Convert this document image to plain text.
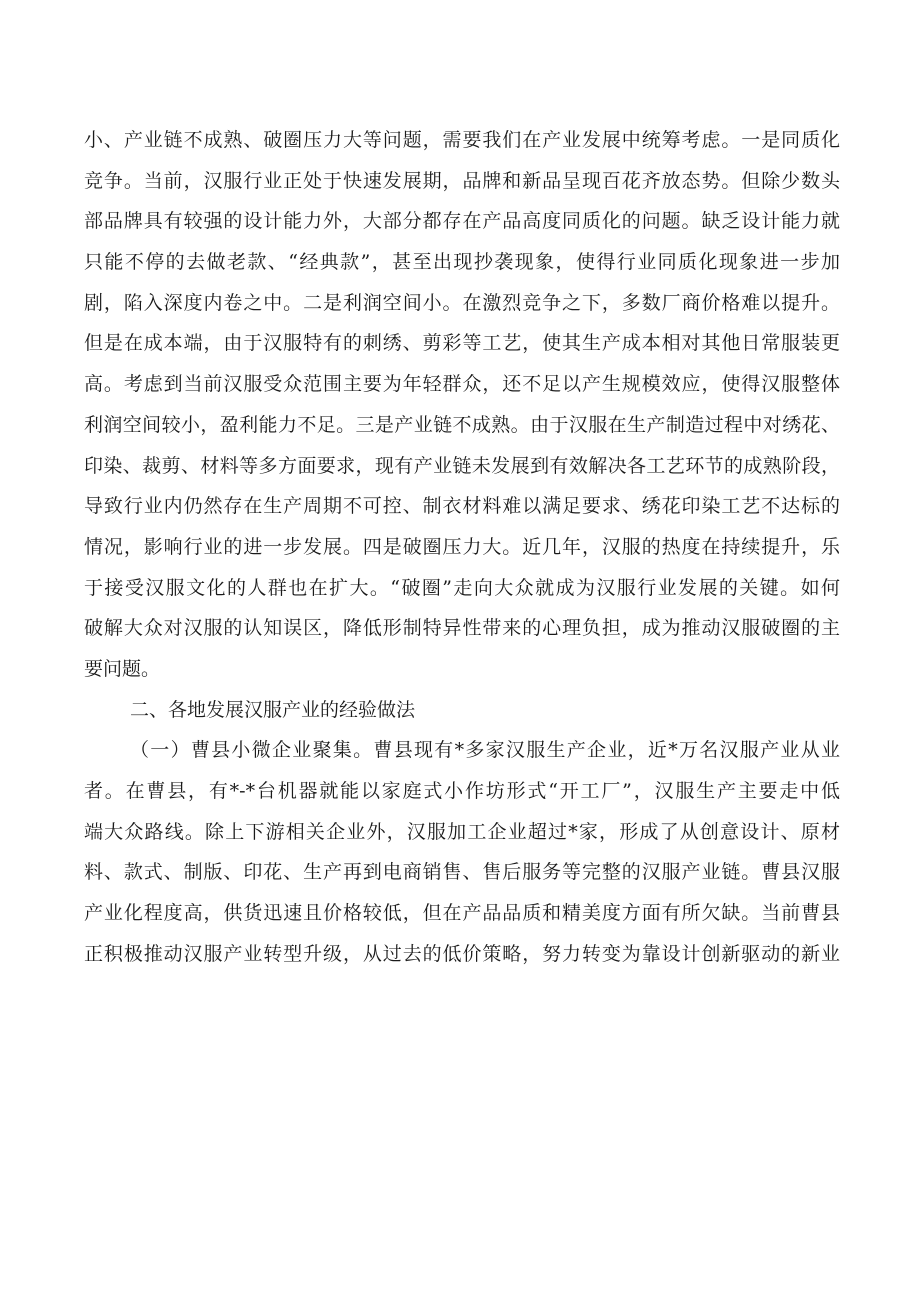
小、产业链不成熟、破圈压力大等问题，需要我们在产业发展中统筹考虑。一是同质化
竞争。当前，汉服行业正处于快速发展期，品牌和新品呈现百花齐放态势。但除少数头
部品牌具有较强的设计能力外，大部分都存在产品高度同质化的问题。缺乏设计能力就
只能不停的去做老款、“经典款”，甚至出现抄袭现象，使得行业同质化现象进一步加
剧，陷入深度内卷之中。二是利润空间小。在激烈竞争之下，多数厂商价格难以提升。
但是在成本端，由于汉服特有的刺绣、剪彩等工艺，使其生产成本相对其他日常服装更
高。考虑到当前汉服受众范围主要为年轻群众，还不足以产生规模效应，使得汉服整体
利润空间较小，盈利能力不足。三是产业链不成熟。由于汉服在生产制造过程中对绣花、
印染、裁剪、材料等多方面要求，现有产业链未发展到有效解决各工艺环节的成熟阶段，
导致行业内仍然存在生产周期不可控、制衣材料难以满足要求、绣花印染工艺不达标的
情况，影响行业的进一步发展。四是破圈压力大。近几年，汉服的热度在持续提升，乐
于接受汉服文化的人群也在扩大。“破圈”走向大众就成为汉服行业发展的关键。如何
破解大众对汉服的认知误区，降低形制特异性带来的心理负担，成为推动汉服破圈的主
要问题。
二、各地发展汉服产业的经验做法
（一）曹县小微企业聚集。曹县现有*多家汉服生产企业，近*万名汉服产业从业
者。在曹县，有*-*台机器就能以家庭式小作坊形式“开工厂”，汉服生产主要走中低
端大众路线。除上下游相关企业外，汉服加工企业超过*家，形成了从创意设计、原材
料、款式、制版、印花、生产再到电商销售、售后服务等完整的汉服产业链。曹县汉服
产业化程度高，供货迅速且价格较低，但在产品品质和精美度方面有所欠缺。当前曹县
正积极推动汉服产业转型升级，从过去的低价策略，努力转变为靠设计创新驱动的新业
